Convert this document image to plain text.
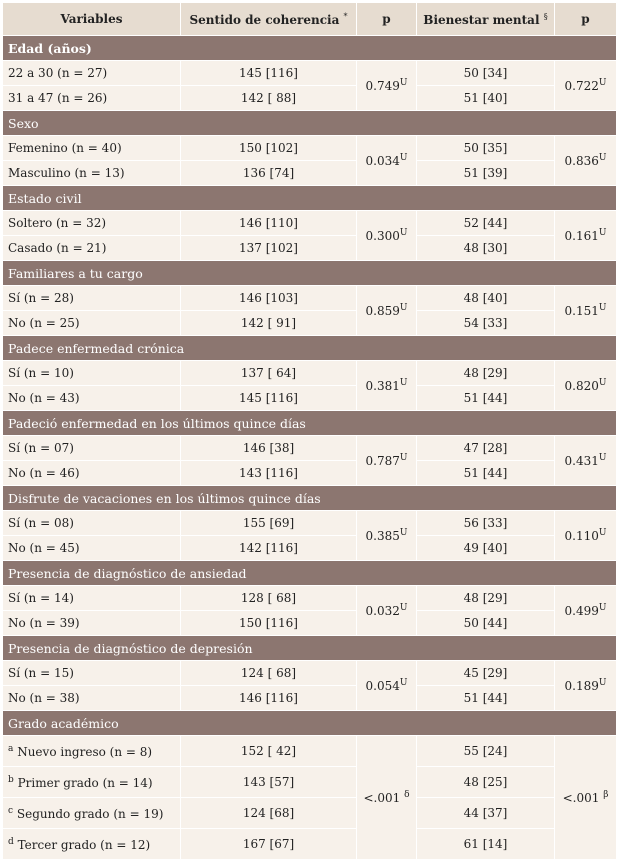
Variables	Sentido de coherencia *	p	Bienestar mental §	p
Edad (años)				
22 a 30 (n = 27)	145 [116]	$0.749^U$	50 [34]	$0.722^U$
31 a 47 (n = 26)	142 [ 88]		51 [40]	
Sexo				
Femenino (n = 40)	150 [102]	$0.034^U$	50 [35]	$0.836^U$
Masculino (n = 13)	136 [74]		51 [39]	
Estado civil				
Soltero (n = 32)	146 [110]	$0.300^U$	52 [44]	$0.161^U$
Casado (n = 21)	137 [102]		48 [30]	
Familiares a tu cargo				
Sí (n = 28)	146 [103]	$0.859^U$	48 [40]	$0.151^U$
No (n = 25)	142 [ 91]		54 [33]	
Padece enfermedad crónica				
Sí (n = 10)	137 [ 64]	$0.381^U$	48 [29]	$0.820^U$
No (n = 43)	145 [116]		51 [44]	
Padeció enfermedad en los últimos quince días				
Sí (n = 07)	146 [38]	$0.787^U$	47 [28]	$0.431^U$
No (n = 46)	143 [116]		51 [44]	
Disfrute de vacaciones en los últimos quince días				
Sí (n = 08)	155 [69]	$0.385^U$	56 [33]	$0.110^U$
No (n = 45)	142 [116]		49 [40]	
Presencia de diagnóstico de ansiedad				
Sí (n = 14)	128 [ 68]	$0.032^U$	48 [29]	$0.499^U$
No (n = 39)	150 [116]		50 [44]	
Presencia de diagnóstico de depresión				
Sí (n = 15)	124 [ 68]	$0.054^U$	45 [29]	$0.189^U$
No (n = 38)	146 [116]		51 [44]	
Grado académico				
$^a$ Nuevo ingreso (n = 8)	152 [ 42]	<.001 $^\delta$	55 [24]	<.001 $^\beta$
$^b$ Primer grado (n = 14)	143 [57]		48 [25]	
$^c$ Segundo grado (n = 19)	124 [68]		44 [37]	
$^d$ Tercer grado (n = 12)	167 [67]		61 [14]	
